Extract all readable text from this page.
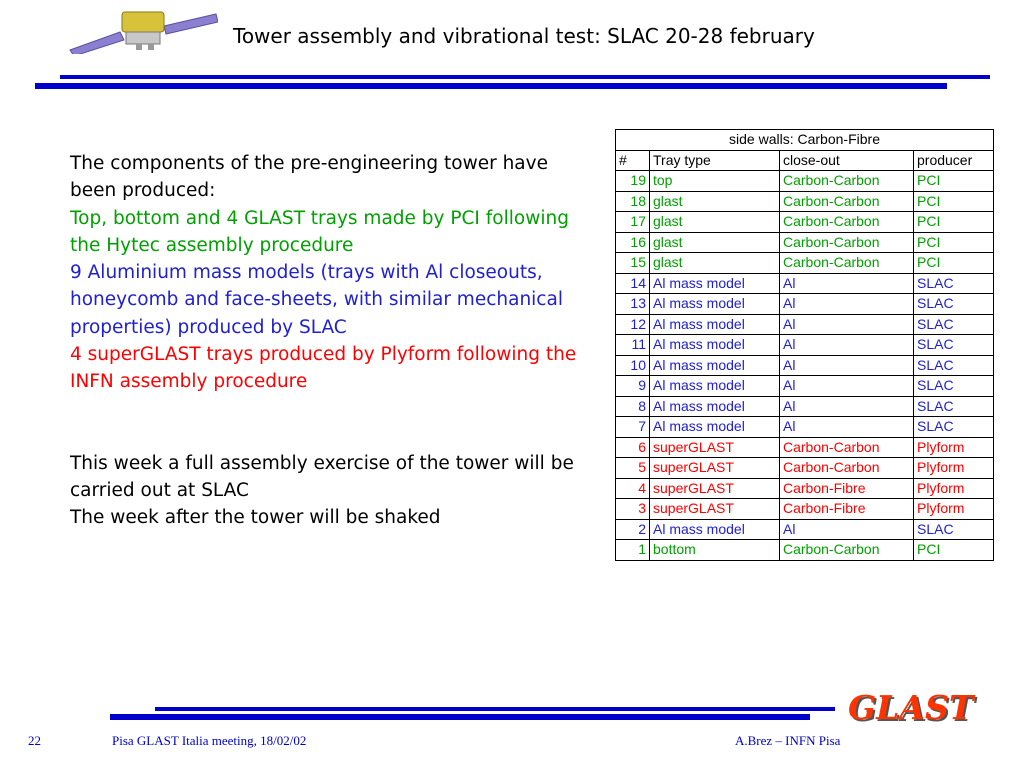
Tower assembly and vibrational test: SLAC 20-28 february

The components of the pre-engineering tower have been produced:

Top, bottom and 4 GLAST trays made by PCI following the Hytec assembly procedure

9 Aluminium mass models (trays with Al closeouts, honeycomb and face-sheets, with similar mechanical properties) produced by SLAC

4 superGLAST trays produced by Plyform following the INFN assembly procedure

This week a full assembly exercise of the tower will be carried out at SLAC

The week after the tower will be shaked

side walls: Carbon-Fibre			
#	Tray type	close-out	producer
19	top	Carbon-Carbon	PCI
18	glast	Carbon-Carbon	PCI
17	glast	Carbon-Carbon	PCI
16	glast	Carbon-Carbon	PCI
15	glast	Carbon-Carbon	PCI
14	Al mass model	Al	SLAC
13	Al mass model	Al	SLAC
12	Al mass model	Al	SLAC
11	Al mass model	Al	SLAC
10	Al mass model	Al	SLAC
9	Al mass model	Al	SLAC
8	Al mass model	Al	SLAC
7	Al mass model	Al	SLAC
6	superGLAST	Carbon-Carbon	Plyform
5	superGLAST	Carbon-Carbon	Plyform
4	superGLAST	Carbon-Fibre	Plyform
3	superGLAST	Carbon-Fibre	Plyform
2	Al mass model	Al	SLAC
1	bottom	Carbon-Carbon	PCI
GLAST
22	Pisa GLAST Italia meeting, 18/02/02	A.Brez – INFN Pisa
